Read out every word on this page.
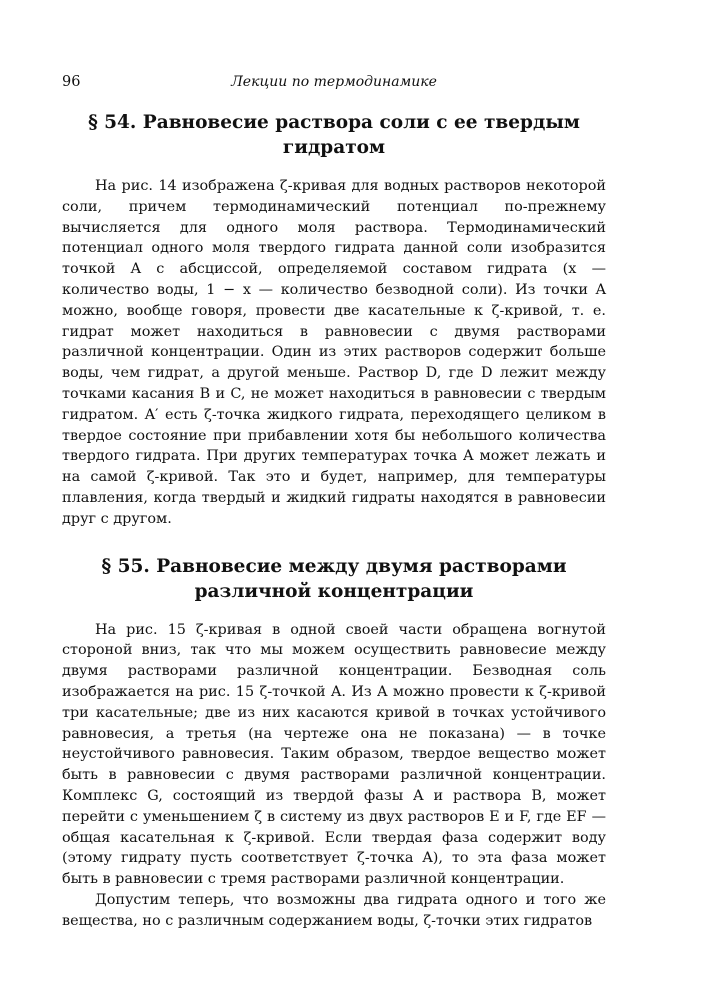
96	Лекции по термодинамике
§ 54. Равновесие раствора соли с ее твердым
гидратом

На рис. 14 изображена ζ-кривая для водных растворов некоторой соли, причем термодинамический потенциал по-прежнему вычисляется для одного моля раствора. Термодинамический потенциал одного моля твердого гидрата данной соли изобразится точкой A с абсциссой, определяемой составом гидрата (x — количество воды, 1 − x — количество безводной соли). Из точки A можно, вообще говоря, провести две касательные к ζ-кривой, т. е. гидрат может находиться в равновесии с двумя растворами различной концентрации. Один из этих растворов содержит больше воды, чем гидрат, а другой меньше. Раствор D, где D лежит между точками касания B и C, не может находиться в равновесии с твердым гидратом. A′ есть ζ-точка жидкого гидрата, переходящего целиком в твердое состояние при прибавлении хотя бы небольшого количества твердого гидрата. При других температурах точка A может лежать и на самой ζ-кривой. Так это и будет, например, для температуры плавления, когда твердый и жидкий гидраты находятся в равновесии друг с другом.

§ 55. Равновесие между двумя растворами
различной концентрации

На рис. 15 ζ-кривая в одной своей части обращена вогнутой стороной вниз, так что мы можем осуществить равновесие между двумя растворами различной концентрации. Безводная соль изображается на рис. 15 ζ-точкой A. Из A можно провести к ζ-кривой три касательные; две из них касаются кривой в точках устойчивого равновесия, а третья (на чертеже она не показана) — в точке неустойчивого равновесия. Таким образом, твердое вещество может быть в равновесии с двумя растворами различной концентрации. Комплекс G, состоящий из твердой фазы A и раствора B, может перейти с уменьшением ζ в систему из двух растворов E и F, где EF — общая касательная к ζ-кривой. Если твердая фаза содержит воду (этому гидрату пусть соответствует ζ-точка A), то эта фаза может быть в равновесии с тремя растворами различной концентрации.

Допустим теперь, что возможны два гидрата одного и того же вещества, но с различным содержанием воды, ζ-точки этих гидратов
